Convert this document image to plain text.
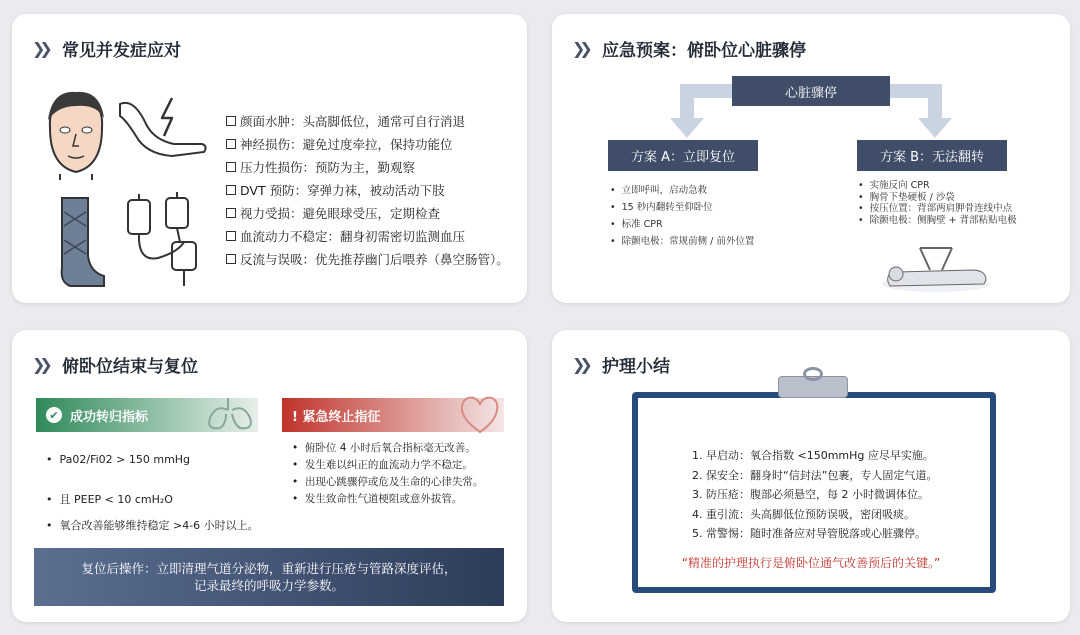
❯❯ 常见并发症应对
颜面水肿：头高脚低位，通常可自行消退
神经损伤：避免过度牵拉，保持功能位
压力性损伤：预防为主，勤观察
DVT 预防：穿弹力袜，被动活动下肢
视力受损：避免眼球受压，定期检查
血流动力不稳定：翻身初需密切监测血压
反流与误吸：优先推荐幽门后喂养（鼻空肠管）。
❯❯ 应急预案：俯卧位心脏骤停
心脏骤停
方案 A：立即复位	方案 B：无法翻转
• 立即呼叫，启动急救
• 15 秒内翻转至仰卧位
• 标准 CPR
• 除颤电极：常规前侧 / 前外位置
• 实施反向 CPR
• 胸骨下垫硬板 / 沙袋
• 按压位置：背部两肩胛骨连线中点
• 除颤电极：侧胸壁 + 背部粘贴电极
❯❯ 俯卧位结束与复位
✔ 成功转归指标	! 紧急终止指征
•  Pa02/Fi02 > 150 mmHg
•  且 PEEP < 10 cmH₂O
•  氧合改善能够维持稳定 >4-6 小时以上。
•  俯卧位 4 小时后氧合指标毫无改善。
•  发生难以纠正的血流动力学不稳定。
•  出现心跳骤停或危及生命的心律失常。
•  发生致命性气道梗阻或意外拔管。
复位后操作：立即清理气道分泌物，重新进行压疮与管路深度评估，
记录最终的呼吸力学参数。
❯❯ 护理小结
1. 早启动：氧合指数 <150mmHg 应尽早实施。
2. 保安全：翻身时“信封法”包裹，专人固定气道。
3. 防压疮：腹部必须悬空，每 2 小时微调体位。
4. 重引流：头高脚低位预防误吸，密闭吸痰。
5. 常警惕：随时准备应对导管脱落或心脏骤停。
“精准的护理执行是俯卧位通气改善预后的关键。”
